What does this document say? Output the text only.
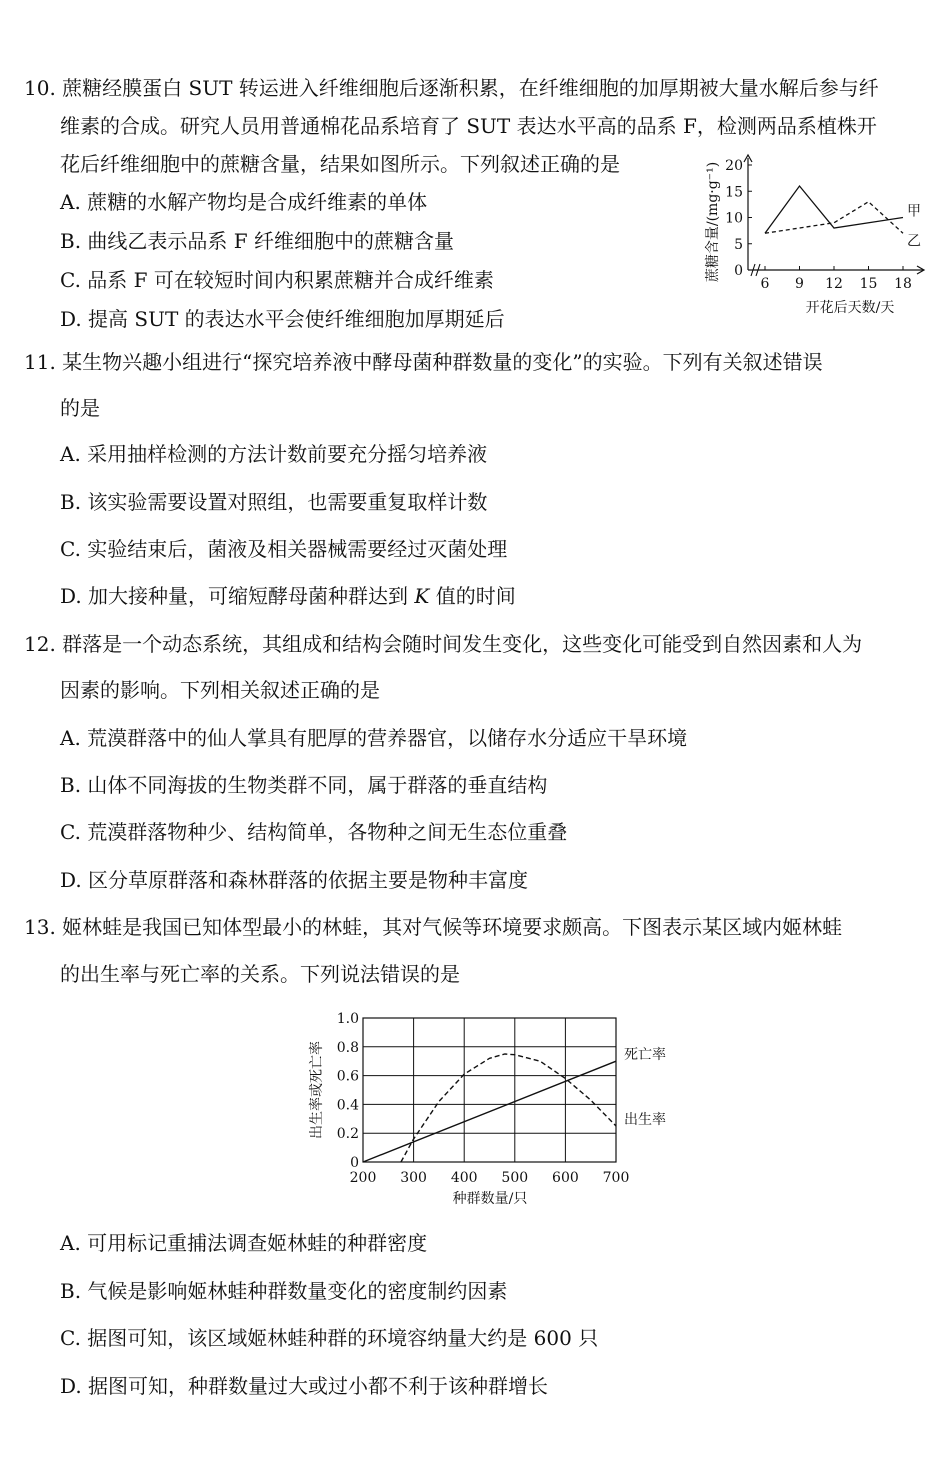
10. 蔗糖经膜蛋白 SUT 转运进入纤维细胞后逐渐积累，在纤维细胞的加厚期被大量水解后参与纤
维素的合成。研究人员用普通棉花品系培育了 SUT 表达水平高的品系 F，检测两品系植株开
花后纤维细胞中的蔗糖含量，结果如图所示。下列叙述正确的是
A. 蔗糖的水解产物均是合成纤维素的单体
B. 曲线乙表示品系 F 纤维细胞中的蔗糖含量
C. 品系 F 可在较短时间内积累蔗糖并合成纤维素
D. 提高 SUT 的表达水平会使纤维细胞加厚期延后
0
5
10
15
20
6 9 12 15 18
开花后天数/天
蔗糖含量/(mg·g⁻¹)	甲
乙
11. 某生物兴趣小组进行“探究培养液中酵母菌种群数量的变化”的实验。下列有关叙述错误
的是
A. 采用抽样检测的方法计数前要充分摇匀培养液
B. 该实验需要设置对照组，也需要重复取样计数
C. 实验结束后，菌液及相关器械需要经过灭菌处理
D. 加大接种量，可缩短酵母菌种群达到 K 值的时间
12. 群落是一个动态系统，其组成和结构会随时间发生变化，这些变化可能受到自然因素和人为
因素的影响。下列相关叙述正确的是
A. 荒漠群落中的仙人掌具有肥厚的营养器官，以储存水分适应干旱环境
B. 山体不同海拔的生物类群不同，属于群落的垂直结构
C. 荒漠群落物种少、结构简单，各物种之间无生态位重叠
D. 区分草原群落和森林群落的依据主要是物种丰富度
13. 姬林蛙是我国已知体型最小的林蛙，其对气候等环境要求颇高。下图表示某区域内姬林蛙
的出生率与死亡率的关系。下列说法错误的是
200 300 400 500 600 700
0
0.2
0.4
0.6
0.8
1.0
种群数量/只
出生率或死亡率	死亡率
出生率
A. 可用标记重捕法调查姬林蛙的种群密度
B. 气候是影响姬林蛙种群数量变化的密度制约因素
C. 据图可知，该区域姬林蛙种群的环境容纳量大约是 600 只
D. 据图可知，种群数量过大或过小都不利于该种群增长
